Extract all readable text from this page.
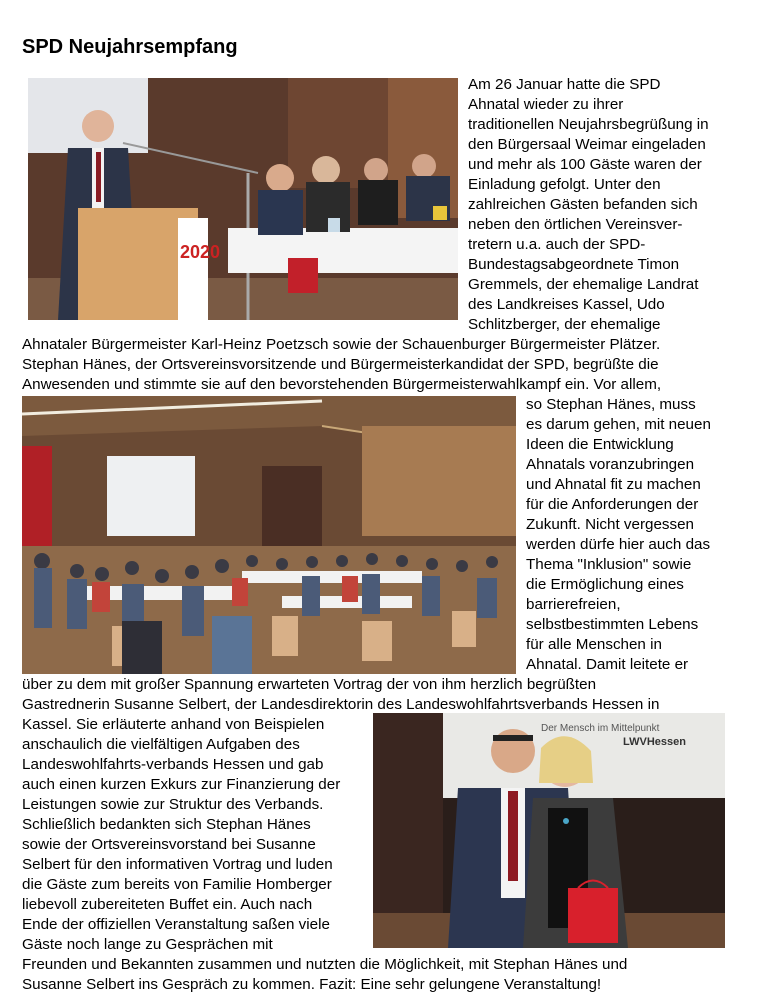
SPD Neujahrsempfang
2020
Der Mensch im Mittelpunkt
LWVHessen
Am 26 Januar hatte die SPD
Ahnatal wieder zu ihrer
traditionellen Neujahrsbegrüßung in
den Bürgersaal Weimar eingeladen
und mehr als 100 Gäste waren der
Einladung gefolgt. Unter den
zahlreichen Gästen befanden sich
neben den örtlichen Vereinsver-
tretern u.a. auch der SPD-
Bundestagsabgeordnete Timon
Gremmels, der ehemalige Landrat
des Landkreises Kassel, Udo
Schlitzberger, der ehemalige
Ahnataler Bürgermeister Karl-Heinz Poetzsch sowie der Schauenburger Bürgermeister Plätzer.
Stephan Hänes, der Ortsvereinsvorsitzende und Bürgermeisterkandidat der SPD, begrüßte die
Anwesenden und stimmte sie auf den bevorstehenden Bürgermeisterwahlkampf ein. Vor allem,
so Stephan Hänes, muss
es darum gehen, mit neuen
Ideen die Entwicklung
Ahnatals voranzubringen
und Ahnatal fit zu machen
für die Anforderungen der
Zukunft. Nicht vergessen
werden dürfe hier auch das
Thema "Inklusion" sowie
die Ermöglichung eines
barrierefreien,
selbstbestimmten Lebens
für alle Menschen in
Ahnatal. Damit leitete er
über zu dem mit großer Spannung erwarteten Vortrag der von ihm herzlich begrüßten
Gastrednerin Susanne Selbert, der Landesdirektorin des Landeswohlfahrtsverbands Hessen in
Kassel. Sie erläuterte anhand von Beispielen
anschaulich die vielfältigen Aufgaben des
Landeswohlfahrts-verbands Hessen und gab
auch einen kurzen Exkurs zur Finanzierung der
Leistungen sowie zur Struktur des Verbands.
Schließlich bedankten sich Stephan Hänes
sowie der Ortsvereinsvorstand bei Susanne
Selbert für den informativen Vortrag und luden
die Gäste zum bereits von Familie Homberger
liebevoll zubereiteten Buffet ein. Auch nach
Ende der offiziellen Veranstaltung saßen viele
Gäste noch lange zu Gesprächen mit
Freunden und Bekannten zusammen und nutzten die Möglichkeit, mit Stephan Hänes und
Susanne Selbert ins Gespräch zu kommen. Fazit: Eine sehr gelungene Veranstaltung!
